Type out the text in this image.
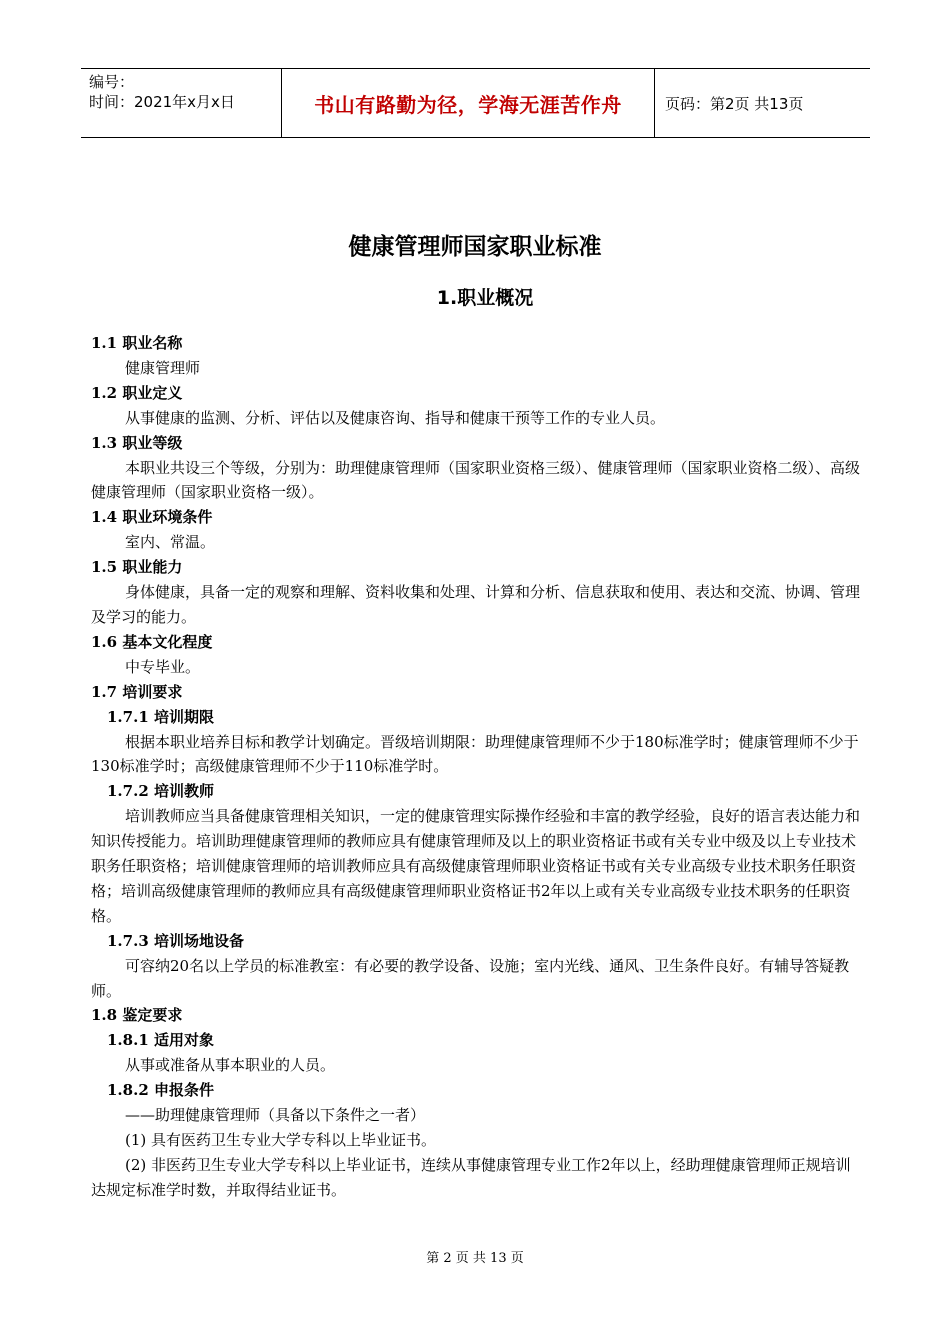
编号：
时间：2021年x月x日	书山有路勤为径，学海无涯苦作舟	页码：第2页 共13页
健康管理师国家职业标准
1.职业概况
1.1 职业名称
健康管理师
1.2 职业定义
从事健康的监测、分析、评估以及健康咨询、指导和健康干预等工作的专业人员。
1.3 职业等级
本职业共设三个等级，分别为：助理健康管理师（国家职业资格三级）、健康管理师（国家职业资格二级）、高级健康管理师（国家职业资格一级）。
1.4 职业环境条件
室内、常温。
1.5 职业能力
身体健康，具备一定的观察和理解、资料收集和处理、计算和分析、信息获取和使用、表达和交流、协调、管理及学习的能力。
1.6 基本文化程度
中专毕业。
1.7 培训要求
1.7.1 培训期限
根据本职业培养目标和教学计划确定。晋级培训期限：助理健康管理师不少于180标准学时；健康管理师不少于130标准学时；高级健康管理师不少于110标准学时。
1.7.2 培训教师
培训教师应当具备健康管理相关知识，一定的健康管理实际操作经验和丰富的教学经验，良好的语言表达能力和知识传授能力。培训助理健康管理师的教师应具有健康管理师及以上的职业资格证书或有关专业中级及以上专业技术职务任职资格；培训健康管理师的培训教师应具有高级健康管理师职业资格证书或有关专业高级专业技术职务任职资格；培训高级健康管理师的教师应具有高级健康管理师职业资格证书2年以上或有关专业高级专业技术职务的任职资格。
1.7.3 培训场地设备
可容纳20名以上学员的标准教室：有必要的教学设备、设施；室内光线、通风、卫生条件良好。有辅导答疑教师。
1.8 鉴定要求
1.8.1 适用对象
从事或准备从事本职业的人员。
1.8.2 申报条件
——助理健康管理师（具备以下条件之一者）
(1) 具有医药卫生专业大学专科以上毕业证书。
(2) 非医药卫生专业大学专科以上毕业证书，连续从事健康管理专业工作2年以上，经助理健康管理师正规培训达规定标准学时数，并取得结业证书。
第 2 页 共 13 页
